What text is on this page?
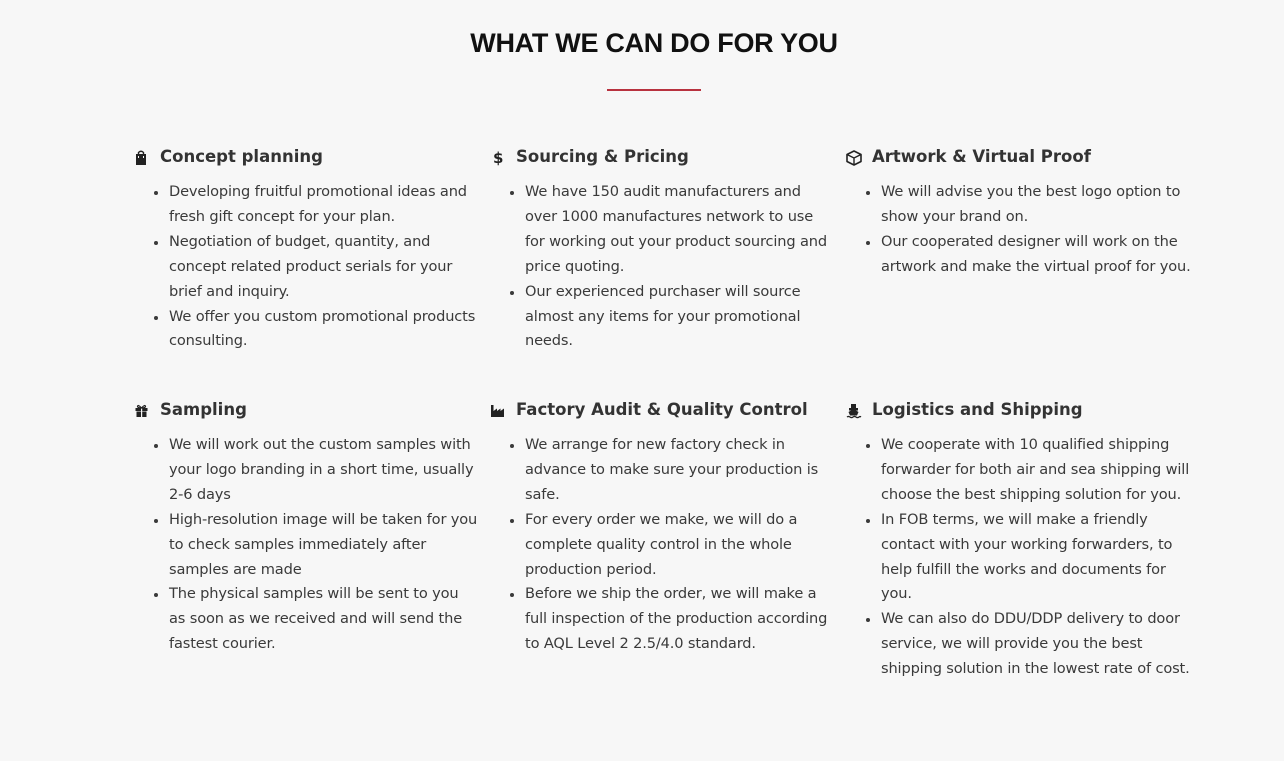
WHAT WE CAN DO FOR YOU
Concept planning
• Developing fruitful promotional ideas and fresh gift concept for your plan.
• Negotiation of budget, quantity, and concept related product serials for your brief and inquiry.
• We offer you custom promotional products consulting.
$ Sourcing & Pricing
• We have 150 audit manufacturers and over 1000 manufactures network to use for working out your product sourcing and price quoting.
• Our experienced purchaser will source almost any items for your promotional needs.
Artwork & Virtual Proof
• We will advise you the best logo option to show your brand on.
• Our cooperated designer will work on the artwork and make the virtual proof for you.
Sampling
• We will work out the custom samples with your logo branding in a short time, usually 2-6 days
• High-resolution image will be taken for you to check samples immediately after samples are made
• The physical samples will be sent to you as soon as we received and will send the fastest courier.
Factory Audit & Quality Control
• We arrange for new factory check in advance to make sure your production is safe.
• For every order we make, we will do a complete quality control in the whole production period.
• Before we ship the order, we will make a full inspection of the production according to AQL Level 2 2.5/4.0 standard.
Logistics and Shipping
• We cooperate with 10 qualified shipping forwarder for both air and sea shipping will choose the best shipping solution for you.
• In FOB terms, we will make a friendly contact with your working forwarders, to help fulfill the works and documents for you.
• We can also do DDU/DDP delivery to door service, we will provide you the best shipping solution in the lowest rate of cost.
